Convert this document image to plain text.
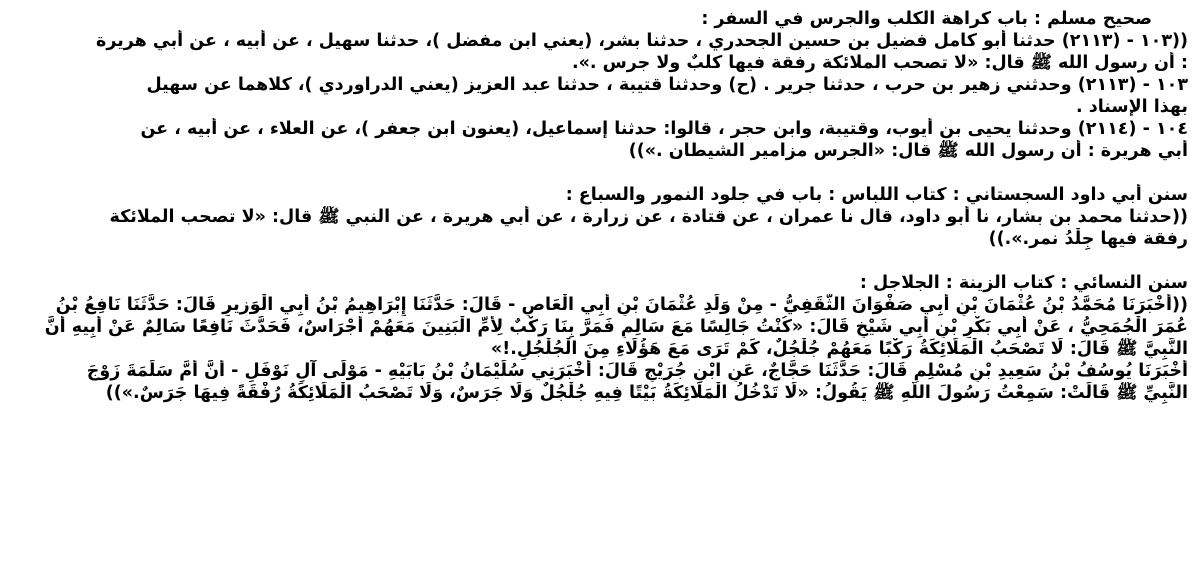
صحيح مسلم : باب كراهة الكلب والجرس في السفر :
((١٠٣ - (٢١١٣) حدثنا أبو كامل فضيل بن حسين الجحدري ، حدثنا بشر، (يعني ابن مفضل )، حدثنا سهيل ، عن أبيه ، عن أبي هريرة
: أن رسول الله ﷺ قال: «لا تصحب الملائكة رفقة فيها كلبٌ ولا جرس .».
١٠٣ - (٢١١٣) وحدثني زهير بن حرب ، حدثنا جرير . (ح) وحدثنا قتيبة ، حدثنا عبد العزيز (يعني الدراوردي )، كلاهما عن سهيل
بهذا الإسناد .
١٠٤ - (٢١١٤) وحدثنا يحيى بن أيوب، وقتيبة، وابن حجر ، قالوا: حدثنا إسماعيل، (يعنون ابن جعفر )، عن العلاء ، عن أبيه ، عن
أبي هريرة : أن رسول الله ﷺ قال: «الجرس مزامير الشيطان .»))
سنن أبي داود السجستاني : كتاب اللباس : باب في جلود النمور والسباع :
((حدثنا محمد بن بشار، نا أبو داود، قال نا عمران ، عن قتادة ، عن زرارة ، عن أبي هريرة ، عن النبي ﷺ قال: «لا تصحب الملائكة
رفقة فيها جِلْدُ نمر.».))
سنن النسائي : كتاب الزينة : الجلاجل :
((أَخْبَرَنَا مُحَمَّدُ بْنُ عُثْمَانَ بْنِ أَبِي صَفْوَانَ الثَّقَفِيُّ - مِنْ وَلَدِ عُثْمَانَ بْنِ أَبِي الْعَاصِ - قَالَ: حَدَّثَنَا إِبْرَاهِيمُ بْنُ أَبِي الْوَزِيرِ قَالَ: حَدَّثَنَا نَافِعُ بْنُ
عُمَرَ الْجُمَحِيُّ ، عَنْ أَبِي بَكْرِ بْنِ أَبِي شَيْخٍ قَالَ: «كُنْتُ جَالِسًا مَعَ سَالِمٍ فَمَرَّ بِنَا رَكْبٌ لِأُمِّ الْبَنِينَ مَعَهُمْ أَجْرَاسٌ، فَحَدَّثَ نَافِعًا سَالِمٌ عَنْ أَبِيهِ أَنَّ
النَّبِيَّ ﷺ قَالَ: لَا تَصْحَبُ الْمَلَائِكَةُ رَكْبًا مَعَهُمْ جُلْجُلٌ، كَمْ تَرَى مَعَ هَؤُلَاءِ مِنَ الْجُلْجُلِ.!»
أَخْبَرَنَا يُوسُفُ بْنُ سَعِيدِ بْنِ مُسْلِمٍ قَالَ: حَدَّثَنَا حَجَّاجٌ، عَنِ ابْنِ جُرَيْجٍ قَالَ: أَخْبَرَنِي سُلَيْمَانُ بْنُ بَابَيْهِ - مَوْلَى آلِ نَوْفَلٍ - أَنَّ أُمَّ سَلَمَةَ زَوْجَ
النَّبِيِّ ﷺ قَالَتْ: سَمِعْتُ رَسُولَ اللَّهِ ﷺ يَقُولُ: «لَا تَدْخُلُ الْمَلَائِكَةُ بَيْتًا فِيهِ جُلْجُلٌ وَلَا جَرَسٌ، وَلَا تَصْحَبُ الْمَلَائِكَةُ رُفْقَةً فِيهَا جَرَسٌ.»))
